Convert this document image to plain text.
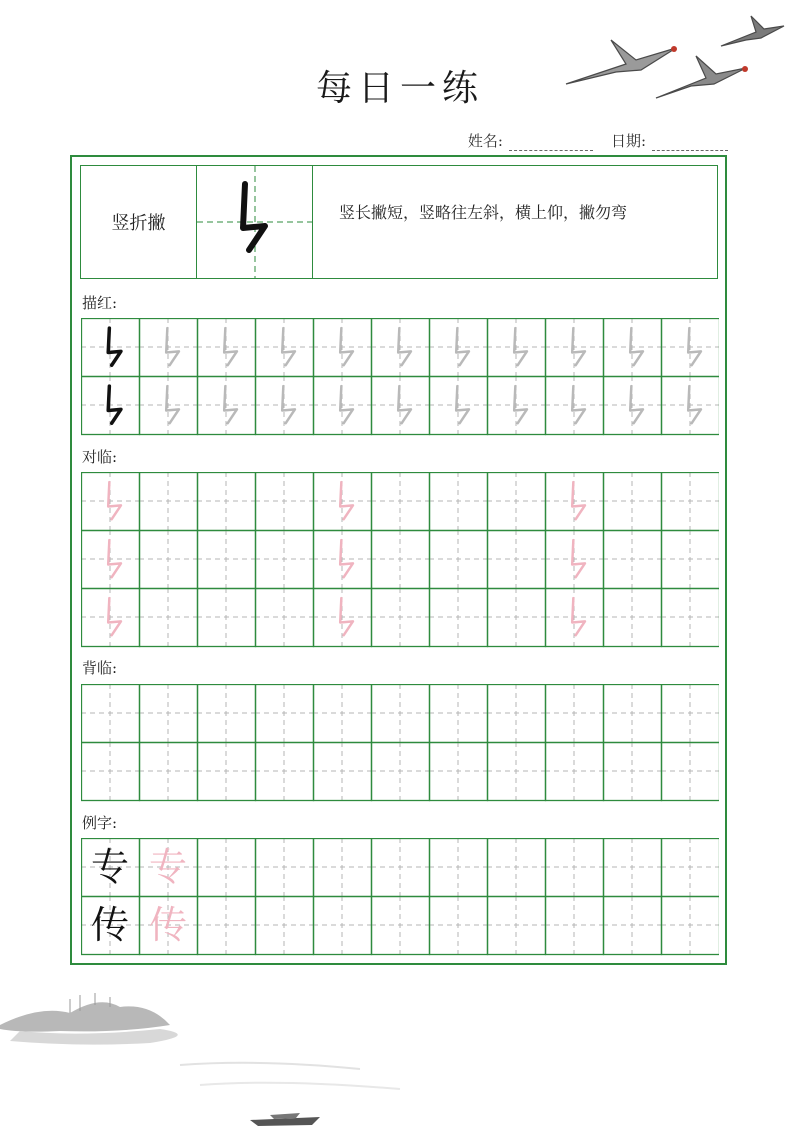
每日一练
姓名:	日期:
竖折撇
竖长撇短，竖略往左斜，横上仰，撇勿弯
描红:
对临:
背临:
例字:
专 专
传 传
